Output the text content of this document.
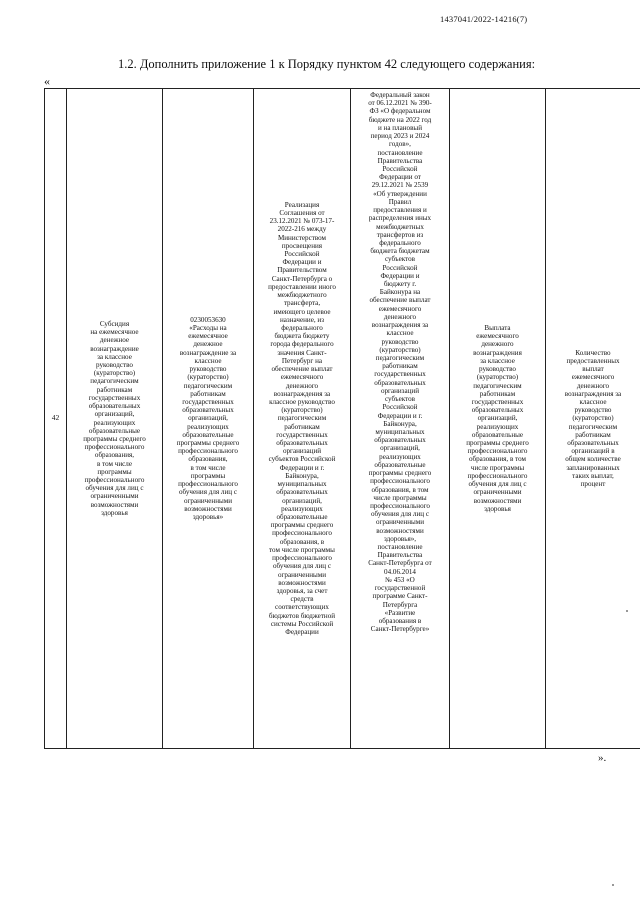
1437041/2022-14216(7)
1.2. Дополнить приложение 1 к Порядку пунктом 42 следующего содержания:
«
42
Субсидия
на ежемесячное
денежное
вознаграждение
за классное
руководство
(кураторство)
педагогическим
работникам
государственных
образовательных
организаций,
реализующих
образовательные
программы среднего
профессионального
образования,
в том числе
программы
профессионального
обучения для лиц с
ограниченными
возможностями
здоровья
0230053630
«Расходы на
ежемесячное
денежное
вознаграждение за
классное
руководство
(кураторство)
педагогическим
работникам
государственных
образовательных
организаций,
реализующих
образовательные
программы среднего
профессионального
образования,
в том числе
программы
профессионального
обучения для лиц с
ограниченными
возможностями
здоровья»
Реализация
Соглашения от
23.12.2021 № 073-17-
2022-216 между
Министерством
просвещения
Российской
Федерации и
Правительством
Санкт-Петербурга о
предоставлении иного
межбюджетного
трансферта,
имеющего целевое
назначение, из
федерального
бюджета бюджету
города федерального
значения Санкт-
Петербург на
обеспечение выплат
ежемесячного
денежного
вознаграждения за
классное руководство
(кураторство)
педагогическим
работникам
государственных
образовательных
организаций
субъектов Российской
Федерации и г.
Байконура,
муниципальных
образовательных
организаций,
реализующих
образовательные
программы среднего
профессионального
образования, в
том числе программы
профессионального
обучения для лиц с
ограниченными
возможностями
здоровья, за счет
средств
соответствующих
бюджетов бюджетной
системы Российской
Федерации
Федеральный закон
от 06.12.2021 № 390-
ФЗ «О федеральном
бюджете на 2022 год
и на плановый
период 2023 и 2024
годов»,
постановление
Правительства
Российской
Федерации от
29.12.2021 № 2539
«Об утверждении
Правил
предоставления и
распределения иных
межбюджетных
трансфертов из
федерального
бюджета бюджетам
субъектов
Российской
Федерации и
бюджету г.
Байконура на
обеспечение выплат
ежемесячного
денежного
вознаграждения за
классное
руководство
(кураторство)
педагогическим
работникам
государственных
образовательных
организаций
субъектов
Российской
Федерации и г.
Байконура,
муниципальных
образовательных
организаций,
реализующих
образовательные
программы среднего
профессионального
образования, в том
числе программы
профессионального
обучения для лиц с
ограниченными
возможностями
здоровья»,
постановление
Правительства
Санкт-Петербурга от
04.06.2014
№ 453 «О
государственной
программе Санкт-
Петербурга
«Развитие
образования в
Санкт-Петербурге»
Выплата
ежемесячного
денежного
вознаграждения
за классное
руководство
(кураторство)
педагогическим
работникам
государственных
образовательных
организаций,
реализующих
образовательные
программы среднего
профессионального
образования, в том
числе программы
профессионального
обучения для лиц с
ограниченными
возможностями
здоровья
Количество
предоставленных
выплат
ежемесячного
денежного
вознаграждения за
классное
руководство
(кураторство)
педагогическим
работникам
образовательных
организаций в
общем количестве
запланированных
таких выплат,
процент
».
